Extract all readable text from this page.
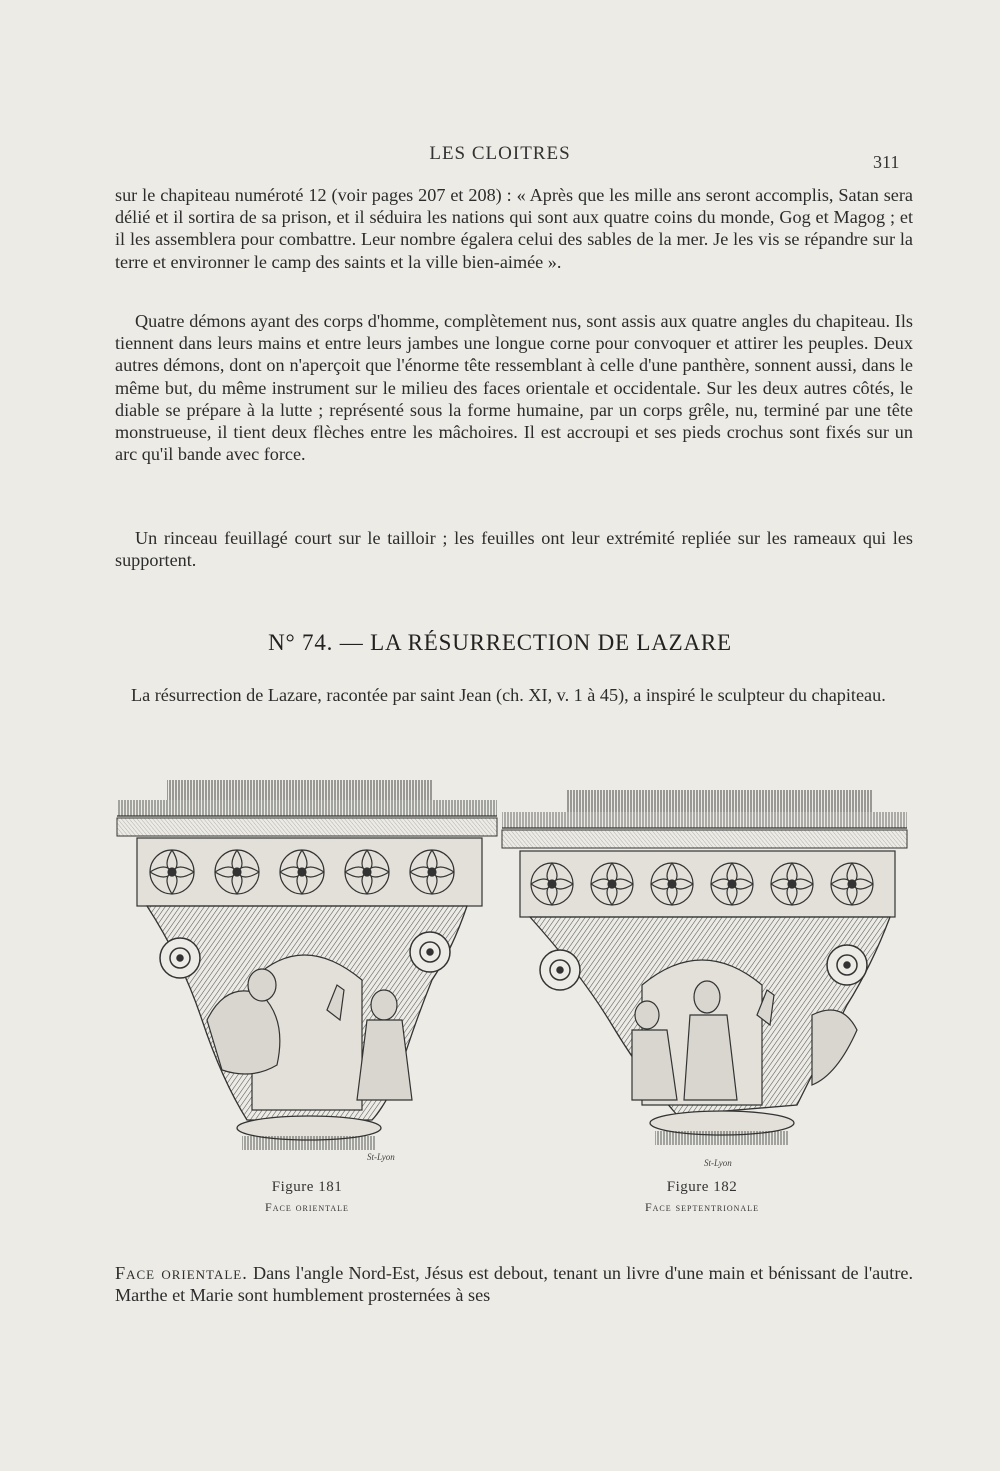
LES CLOITRES	311

sur le chapiteau numéroté 12 (voir pages 207 et 208) : « Après que les mille ans seront accomplis, Satan sera délié et il sortira de sa prison, et il séduira les nations qui sont aux quatre coins du monde, Gog et Magog ; et il les assemblera pour combattre. Leur nombre égalera celui des sables de la mer. Je les vis se répandre sur la terre et environner le camp des saints et la ville bien-aimée ».

Quatre démons ayant des corps d'homme, complètement nus, sont assis aux quatre angles du chapiteau. Ils tiennent dans leurs mains et entre leurs jambes une longue corne pour convoquer et attirer les peuples. Deux autres démons, dont on n'aperçoit que l'énorme tête ressemblant à celle d'une panthère, sonnent aussi, dans le même but, du même instrument sur le milieu des faces orientale et occidentale. Sur les deux autres côtés, le diable se prépare à la lutte ; représenté sous la forme humaine, par un corps grêle, nu, terminé par une tête monstrueuse, il tient deux flèches entre les mâchoires. Il est accroupi et ses pieds crochus sont fixés sur un arc qu'il bande avec force.

Un rinceau feuillagé court sur le tailloir ; les feuilles ont leur extrémité repliée sur les rameaux qui les supportent.

N° 74. — LA RÉSURRECTION DE LAZARE

La résurrection de Lazare, racontée par saint Jean (ch. XI, v. 1 à 45), a inspiré le sculpteur du chapiteau.

St-Lyon
Figure 181
Face orientale
St-Lyon
Figure 182
Face septentrionale

Face orientale. Dans l'angle Nord-Est, Jésus est debout, tenant un livre d'une main et bénissant de l'autre. Marthe et Marie sont humblement prosternées à ses
